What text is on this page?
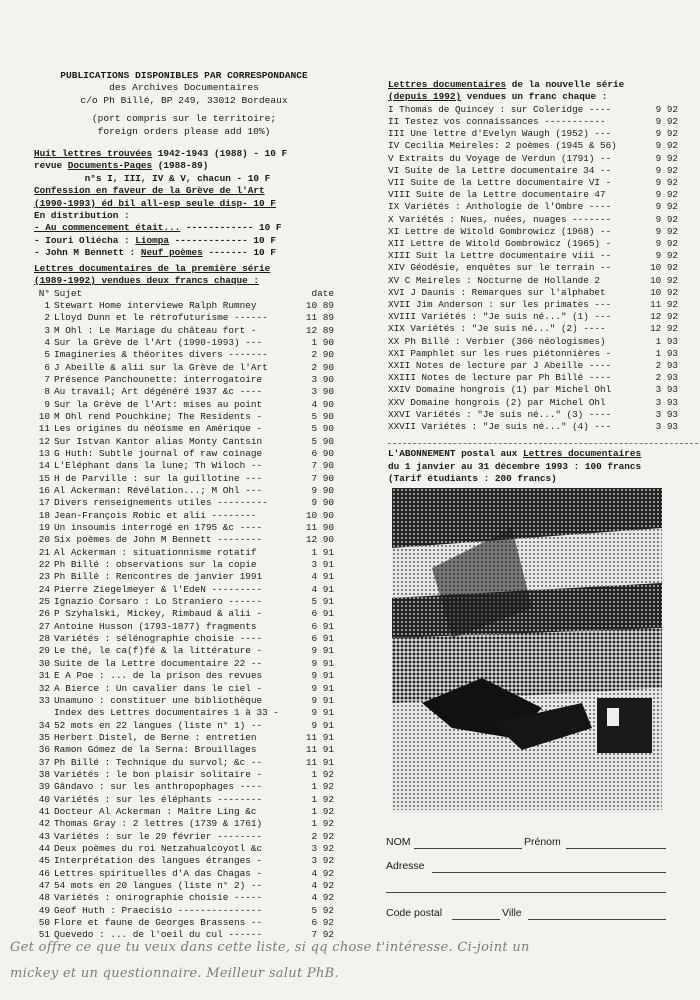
PUBLICATIONS DISPONIBLES PAR CORRESPONDANCE
des Archives Documentaires
c/o Ph Billé, BP 249, 33012 Bordeaux
(port compris sur le territoire;
foreign orders please add 10%)
Huit lettres trouvées 1942-1943 (1988) - 10 F
revue Documents-Pages (1988-89)
n°s I, III, IV & V, chacun - 10 F
Confession en faveur de la Grève de l'Art
(1990-1993) éd bil all-esp seule disp- 10 F
En distribution :
- Au commencement était... ------------ 10 F
- Iouri Oliécha : Liompa ------------- 10 F
- John M Bennett : Neuf poèmes ------- 10 F
Lettres documentaires de la première série
(1989-1992) vendues deux francs chaque :
N° Sujet	date
1 Stewart Home interviewe Ralph Rumney	10 89
2 Lloyd Dunn et le rétrofuturisme ------	11 89
3 M Ohl : Le Mariage du château fort -	12 89
4 Sur la Grève de l'Art (1990-1993) ---	1 90
5 Imagineries & théorites divers -------	2 90
6 J Abeille & alii sur la Grève de l'Art	2 90
7 Présence Panchounette: interrogatoire	3 90
8 Au travail; Art dégénéré 1937 &c ----	3 90
9 Sur la Grève de l'Art: mises au point	4 90
10 M Ohl rend Pouchkine; The Residents -	5 90
11 Les origines du néoïsme en Amérique -	5 90
12 Sur Istvan Kantor alias Monty Cantsin	5 90
13 G Huth: Subtle journal of raw coinage	6 90
14 L'Eléphant dans la lune; Th Wiloch --	7 90
15 H de Parville : sur la guillotine ---	7 90
16 Al Ackerman: Révélation...; M Ohl ---	9 90
17 Divers renseignements utiles ---------	9 90
18 Jean-François Robic et alii --------	10 90
19 Un insoumis interrogé en 1795 &c ----	11 90
20 Six poèmes de John M Bennett --------	12 90
21 Al Ackerman : situationnisme rotatif	1 91
22 Ph Billé : observations sur la copie	3 91
23 Ph Billé : Rencontres de janvier 1991	4 91
24 Pierre Ziegelmeyer & l'EdeN ---------	4 91
25 Ignazio Corsaro : Lo Straniero ------	5 91
26 P Szyhalski, Mickey, Rimbaud & alii -	6 91
27 Antoine Husson (1793-1877) fragments	6 91
28 Variétés : sélénographie choisie ----	6 91
29 Le thé, le ca(f)fé & la littérature -	9 91
30 Suite de la Lettre documentaire 22 --	9 91
31 E A Poe : ... de la prison des revues	9 91
32 A Bierce : Un cavalier dans le ciel -	9 91
33 Unamuno : constituer une bibliothèque	9 91
Index des Lettres documentaires 1 à 33 -	9 91
34 52 mots en 22 langues (liste n° 1) --	9 91
35 Herbert Distel, de Berne : entretien	11 91
36 Ramon Gómez de la Serna: Brouillages	11 91
37 Ph Billé : Technique du survol; &c --	11 91
38 Variétés : le bon plaisir solitaire -	1 92
39 Gândavo : sur les anthropophages ----	1 92
40 Variétés : sur les éléphants --------	1 92
41 Docteur Al Ackerman : Maître Ling &c	1 92
42 Thomas Gray : 2 lettres (1739 & 1761)	1 92
43 Variétés : sur le 29 février --------	2 92
44 Deux poèmes du roi Netzahualcoyotl &c	3 92
45 Interprétation des langues étranges -	3 92
46 Lettres spirituelles d'A das Chagas -	4 92
47 54 mots en 20 langues (liste n° 2) --	4 92
48 Variétés : onirographie choisie -----	4 92
49 Geof Huth : Praecisio ---------------	5 92
50 Flore et faune de Georges Brassens --	6 92
51 Quevedo : ... de l'oeil du cul ------	7 92
Lettres documentaires de la nouvelle série
(depuis 1992) vendues un franc chaque :
I Thomas de Quincey : sur Coleridge ----	9 92
II Testez vos connaissances -----------	9 92
III Une lettre d'Evelyn Waugh (1952) ---	9 92
IV Cecilia Meireles: 2 poèmes (1945 & 56)	9 92
V Extraits du Voyage de Verdun (1791) --	9 92
VI Suite de la Lettre documentaire 34 --	9 92
VII Suite de la Lettre documentaire VI -	9 92
VIII Suite de la Lettre documentaire 47	9 92
IX Variétés : Anthologie de l'Ombre ----	9 92
X Variétés : Nues, nuées, nuages -------	9 92
XI Lettre de Witold Gombrowicz (1968) --	9 92
XII Lettre de Witold Gombrowicz (1965) -	9 92
XIII Suit la Lettre documentaire viii --	9 92
XIV Géodésie, enquêtes sur le terrain --	10 92
XV C Meireles : Nocturne de Hollande 2	10 92
XVI J Daunis : Remarques sur l'alphabet	10 92
XVII Jim Anderson : sur les primates ---	11 92
XVIII Variétés : "Je suis né..." (1) ---	12 92
XIX Variétés : "Je suis né..." (2) ----	12 92
XX Ph Billé : Verbier (366 néologismes)	1 93
XXI Pamphlet sur les rues piétonnières -	1 93
XXII Notes de lecture par J Abeille ----	2 93
XXIII Notes de lecture par Ph Billé ----	2 93
XXIV Domaine hongrois (1) par Michel Ohl	3 93
XXV Domaine hongrois (2) par Michel Ohl	3 93
XXVI Variétés : "Je suis né..." (3) ----	3 93
XXVII Variétés : "Je suis né..." (4) ---	3 93
L'ABONNEMENT postal aux Lettres documentaires
du 1 janvier au 31 décembre 1993 : 100 francs
(Tarif étudiants : 200 francs)
NOM	Prénom
Adresse
Code postal	Ville
Get offre ce que tu veux dans cette liste, si qq chose t'intéresse. Ci-joint un
mickey et un questionnaire. Meilleur salut PhB.
